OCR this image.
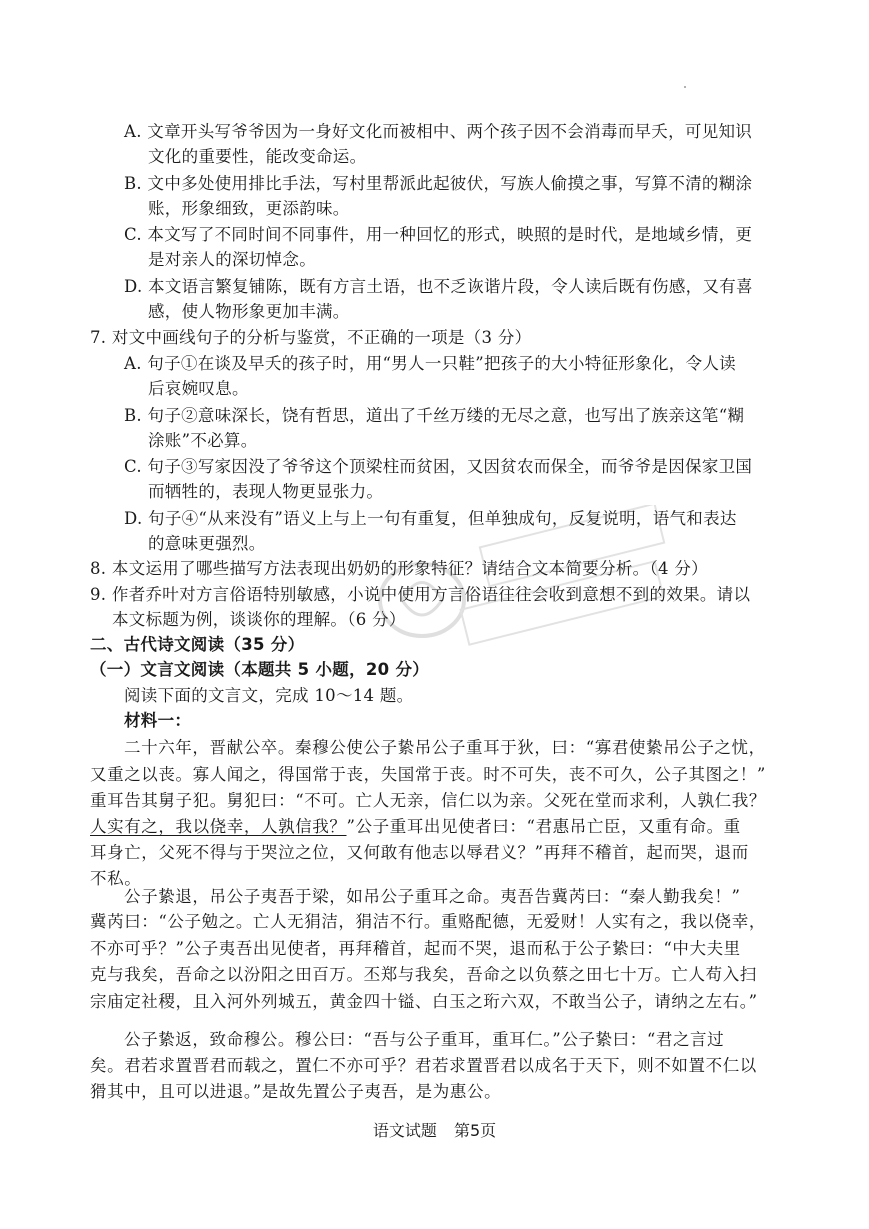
A. 文章开头写爷爷因为一身好文化而被相中、两个孩子因不会消毒而早夭，可见知识
文化的重要性，能改变命运。
B. 文中多处使用排比手法，写村里帮派此起彼伏，写族人偷摸之事，写算不清的糊涂
账，形象细致，更添韵味。
C. 本文写了不同时间不同事件，用一种回忆的形式，映照的是时代，是地域乡情，更
是对亲人的深切悼念。
D. 本文语言繁复铺陈，既有方言土语，也不乏诙谐片段，令人读后既有伤感，又有喜
感，使人物形象更加丰满。
7. 对文中画线句子的分析与鉴赏，不正确的一项是（3 分）
A. 句子①在谈及早夭的孩子时，用“男人一只鞋”把孩子的大小特征形象化，令人读
后哀婉叹息。
B. 句子②意味深长，饶有哲思，道出了千丝万缕的无尽之意，也写出了族亲这笔“糊
涂账”不必算。
C. 句子③写家因没了爷爷这个顶梁柱而贫困，又因贫农而保全，而爷爷是因保家卫国
而牺牲的，表现人物更显张力。
D. 句子④“从来没有”语义上与上一句有重复，但单独成句，反复说明，语气和表达
的意味更强烈。
8. 本文运用了哪些描写方法表现出奶奶的形象特征？请结合文本简要分析。（4 分）
9. 作者乔叶对方言俗语特别敏感，小说中使用方言俗语往往会收到意想不到的效果。请以
本文标题为例，谈谈你的理解。（6 分）
二、古代诗文阅读（35 分）
（一）文言文阅读（本题共 5 小题，20 分）
阅读下面的文言文，完成 10～14 题。
材料一：
二十六年，晋献公卒。秦穆公使公子絷吊公子重耳于狄，曰：“寡君使絷吊公子之忧，
又重之以丧。寡人闻之，得国常于丧，失国常于丧。时不可失，丧不可久，公子其图之！”
重耳告其舅子犯。舅犯曰：“不可。亡人无亲，信仁以为亲。父死在堂而求利，人孰仁我？
人实有之，我以侥幸，人孰信我？”公子重耳出见使者曰：“君惠吊亡臣，又重有命。重
耳身亡，父死不得与于哭泣之位，又何敢有他志以辱君义？”再拜不稽首，起而哭，退而
不私。
公子絷退，吊公子夷吾于梁，如吊公子重耳之命。夷吾告冀芮曰：“秦人勤我矣！”
冀芮曰：“公子勉之。亡人无狷洁，狷洁不行。重赂配德，无爱财！人实有之，我以侥幸，
不亦可乎？”公子夷吾出见使者，再拜稽首，起而不哭，退而私于公子絷曰：“中大夫里
克与我矣，吾命之以汾阳之田百万。丕郑与我矣，吾命之以负蔡之田七十万。亡人苟入扫
宗庙定社稷，且入河外列城五，黄金四十镒、白玉之珩六双，不敢当公子，请纳之左右。”
公子絷返，致命穆公。穆公曰：“吾与公子重耳，重耳仁。”公子絷曰：“君之言过
矣。君若求置晋君而载之，置仁不亦可乎？君若求置晋君以成名于天下，则不如置不仁以
猾其中，且可以进退。”是故先置公子夷吾，是为惠公。
语文试题 第5页
